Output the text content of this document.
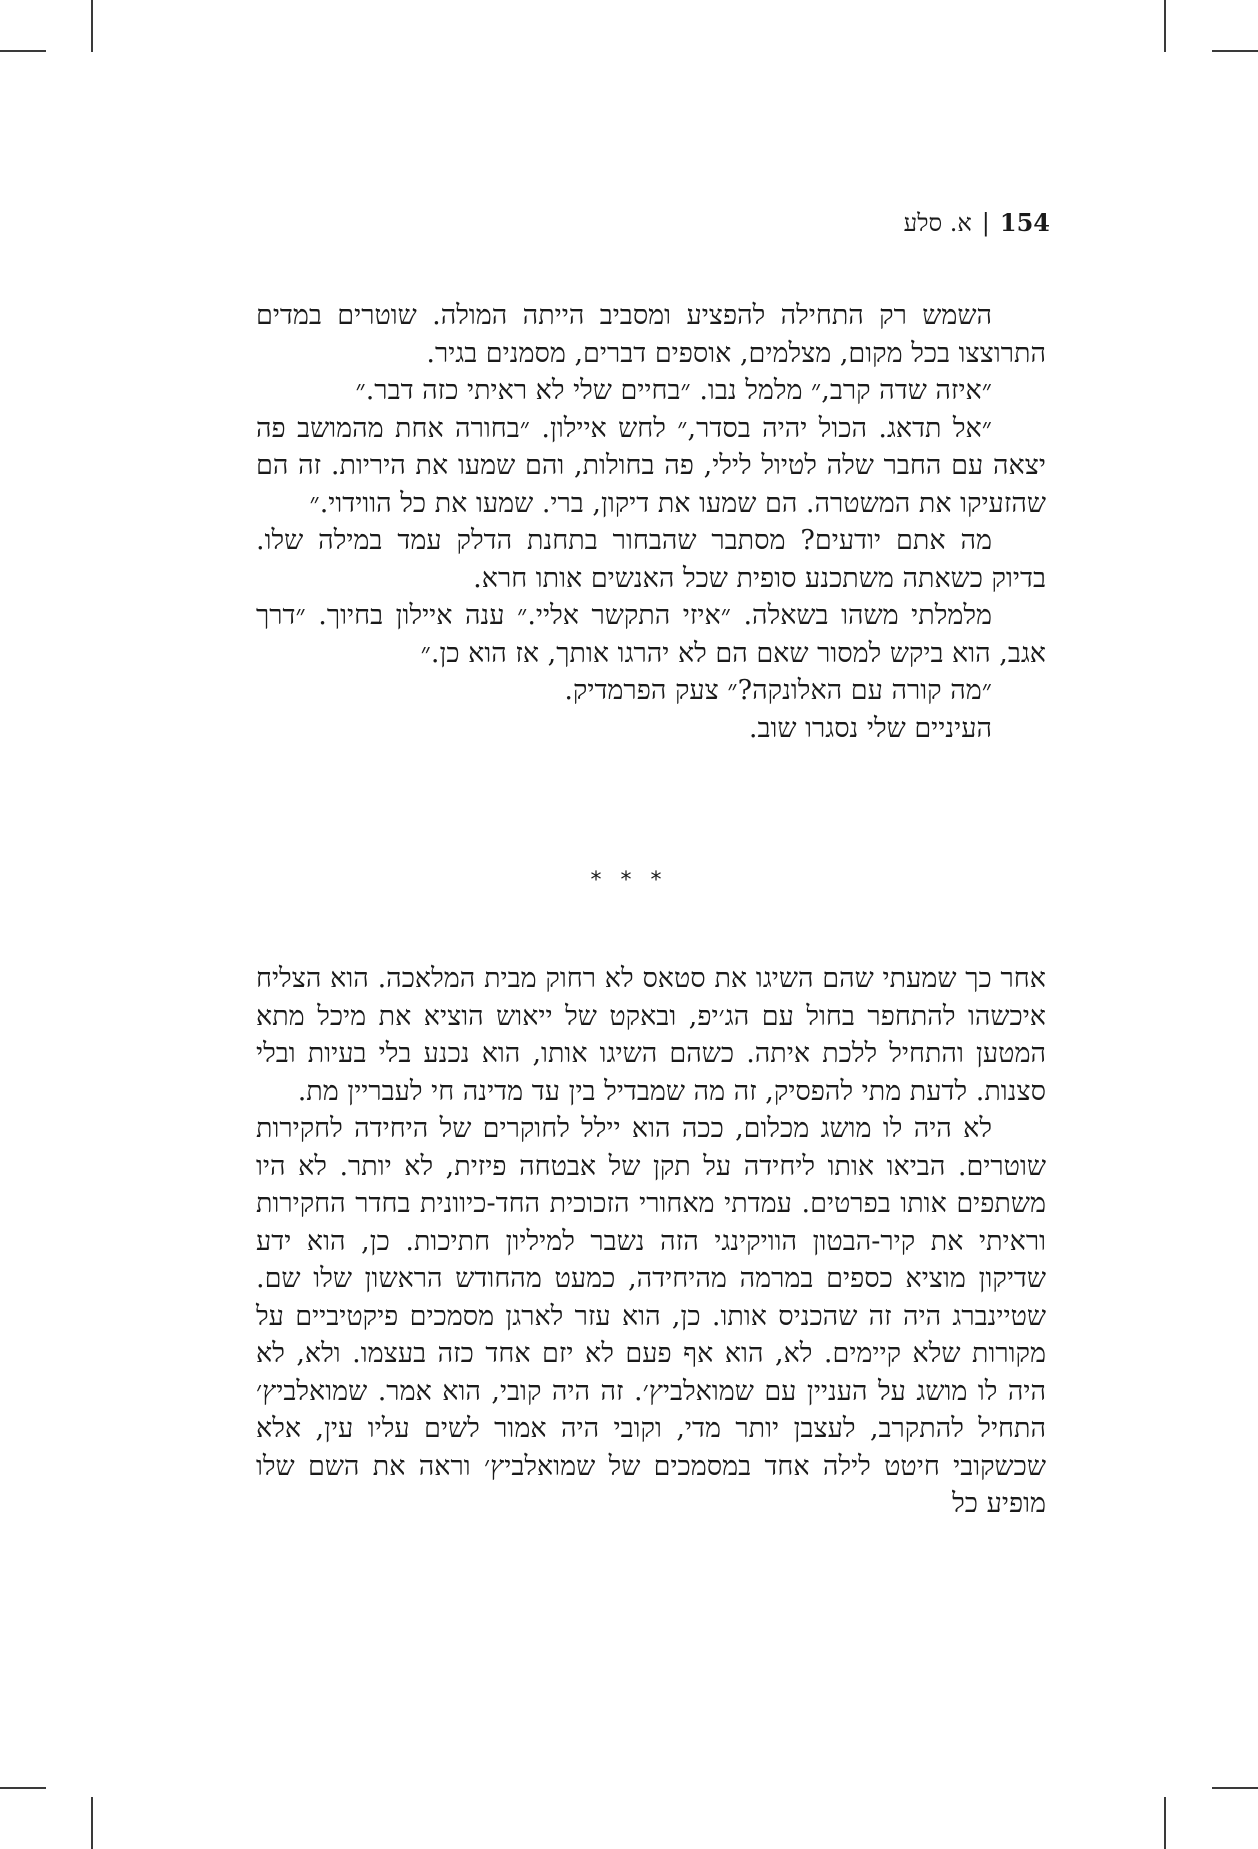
154|א. סלע

השמש רק התחילה להפציע ומסביב הייתה המולה. שוטרים במדים התרוצצו בכל מקום, מצלמים, אוספים דברים, מסמנים בגיר.

״איזה שדה קרב,״ מלמל נבו. ״בחיים שלי לא ראיתי כזה דבר.״

״אל תדאג. הכול יהיה בסדר,״ לחש איילון. ״בחורה אחת מהמושב פה יצאה עם החבר שלה לטיול לילי, פה בחולות, והם שמעו את היריות. זה הם שהזעיקו את המשטרה. הם שמעו את דיקון, ברי. שמעו את כל הווידוי.״

מה אתם יודעים? מסתבר שהבחור בתחנת הדלק עמד במילה שלו. בדיוק כשאתה משתכנע סופית שכל האנשים אותו חרא.

מלמלתי משהו בשאלה. ״איזי התקשר אליי.״ ענה איילון בחיוך. ״דרך אגב, הוא ביקש למסור שאם הם לא יהרגו אותך, אז הוא כן.״

״מה קורה עם האלונקה?״ צעק הפרמדיק.

העיניים שלי נסגרו שוב.

* * *

אחר כך שמעתי שהם השיגו את סטאס לא רחוק מבית המלאכה. הוא הצליח איכשהו להתחפר בחול עם הג׳יפ, ובאקט של ייאוש הוציא את מיכל מתא המטען והתחיל ללכת איתה. כשהם השיגו אותו, הוא נכנע בלי בעיות ובלי סצנות. לדעת מתי להפסיק, זה מה שמבדיל בין עד מדינה חי לעבריין מת.

לא היה לו מושג מכלום, ככה הוא יילל לחוקרים של היחידה לחקירות שוטרים. הביאו אותו ליחידה על תקן של אבטחה פיזית, לא יותר. לא היו משתפים אותו בפרטים. עמדתי מאחורי הזכוכית החד-כיוונית בחדר החקירות וראיתי את קיר-הבטון הוויקינגי הזה נשבר למיליון חתיכות. כן, הוא ידע שדיקון מוציא כספים במרמה מהיחידה, כמעט מהחודש הראשון שלו שם. שטיינברג היה זה שהכניס אותו. כן, הוא עזר לארגן מסמכים פיקטיביים על מקורות שלא קיימים. לא, הוא אף פעם לא יזם אחד כזה בעצמו. ולא, לא היה לו מושג על העניין עם שמואלביץ׳. זה היה קובי, הוא אמר. שמואלביץ׳ התחיל להתקרב, לעצבן יותר מדי, וקובי היה אמור לשים עליו עין, אלא שכשקובי חיטט לילה אחד במסמכים של שמואלביץ׳ וראה את השם שלו מופיע כל
